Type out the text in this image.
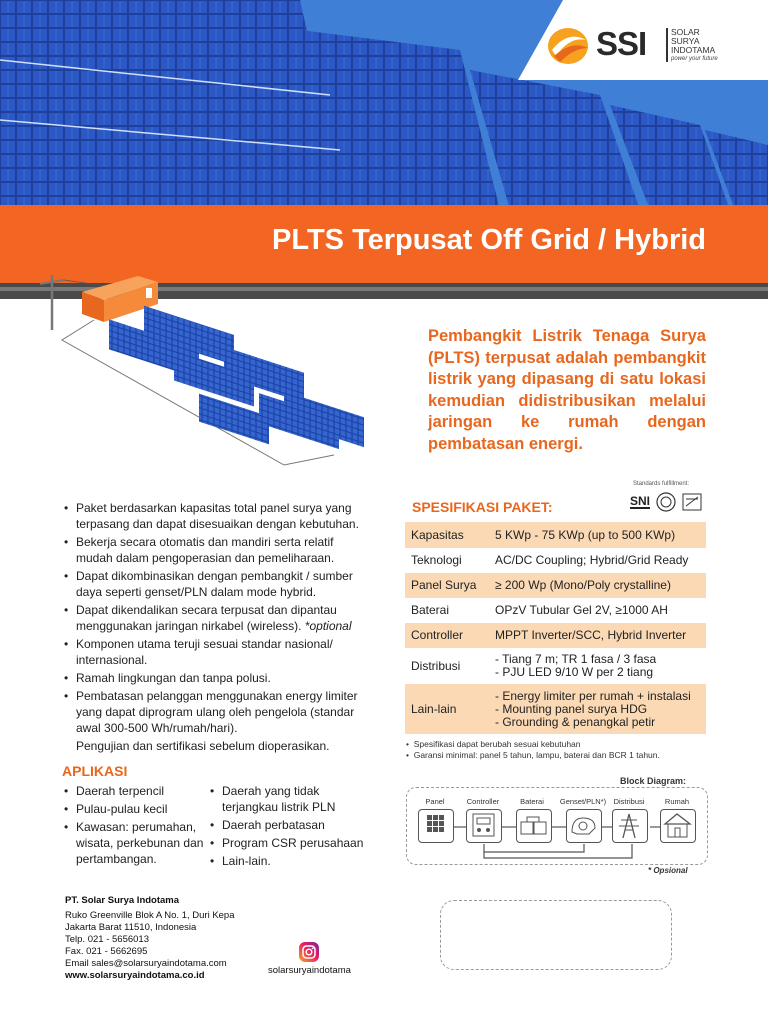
SSI	SOLAR
SURYA
INDOTAMA
power your future
PLTS Terpusat Off Grid / Hybrid

Pembangkit Listrik Tenaga Surya (PLTS) terpusat adalah pembangkit listrik yang dipasang di satu lokasi kemudian didistribusikan melalui jaringan ke rumah dengan pembatasan energi.

Standards fulfillment:
SNI
• Paket berdasarkan kapasitas total panel surya yang terpasang dan dapat disesuaikan dengan kebutuhan.
• Bekerja secara otomatis dan mandiri serta relatif mudah dalam pengoperasian dan pemeliharaan.
• Dapat dikombinasikan dengan pembangkit / sumber daya seperti genset/PLN dalam mode hybrid.
• Dapat dikendalikan secara terpusat dan dipantau menggunakan jaringan nirkabel (wireless). *optional
• Komponen utama teruji sesuai standar nasional/ internasional.
• Ramah lingkungan dan tanpa polusi.
• Pembatasan pelanggan menggunakan energy limiter yang dapat diprogram ulang oleh pengelola (standar awal 300-500 Wh/rumah/hari).
Pengujian dan sertifikasi sebelum dioperasikan.
SPESIFIKASI PAKET:
Kapasitas	5 KWp - 75 KWp (up to 500 KWp)
Teknologi	AC/DC Coupling; Hybrid/Grid Ready
Panel Surya	≥ 200 Wp (Mono/Poly crystalline)
Baterai	OPzV Tubular Gel 2V, ≥1000 AH
Controller	MPPT Inverter/SCC, Hybrid Inverter
Distribusi	- Tiang 7 m; TR 1 fasa / 3 fasa
- PJU LED 9/10 W per 2 tiang

Lain-lain	- Energy limiter per rumah + instalasi
- Mounting panel surya HDG
- Grounding & penangkal petir
•  Spesifikasi dapat berubah sesuai kebutuhan
•  Garansi minimal: panel 5 tahun, lampu, baterai dan BCR 1 tahun.
APLIKASI
• Daerah terpencil
• Pulau-pulau kecil
• Kawasan: perumahan, wisata, perkebunan dan pertambangan.
• Daerah yang tidak terjangkau listrik PLN
• Daerah perbatasan
• Program CSR perusahaan
• Lain-lain.
Block Diagram:
Panel	Controller	Baterai	Genset/PLN*) Distribusi	Rumah
* Opsional
PT. Solar Surya Indotama
Ruko Greenville Blok A No. 1, Duri Kepa
Jakarta Barat 11510, Indonesia
Telp. 021 - 5656013
Fax. 021 - 5662695
Email sales@solarsuryaindotama.com
www.solarsuryaindotama.co.id	solarsuryaindotama
